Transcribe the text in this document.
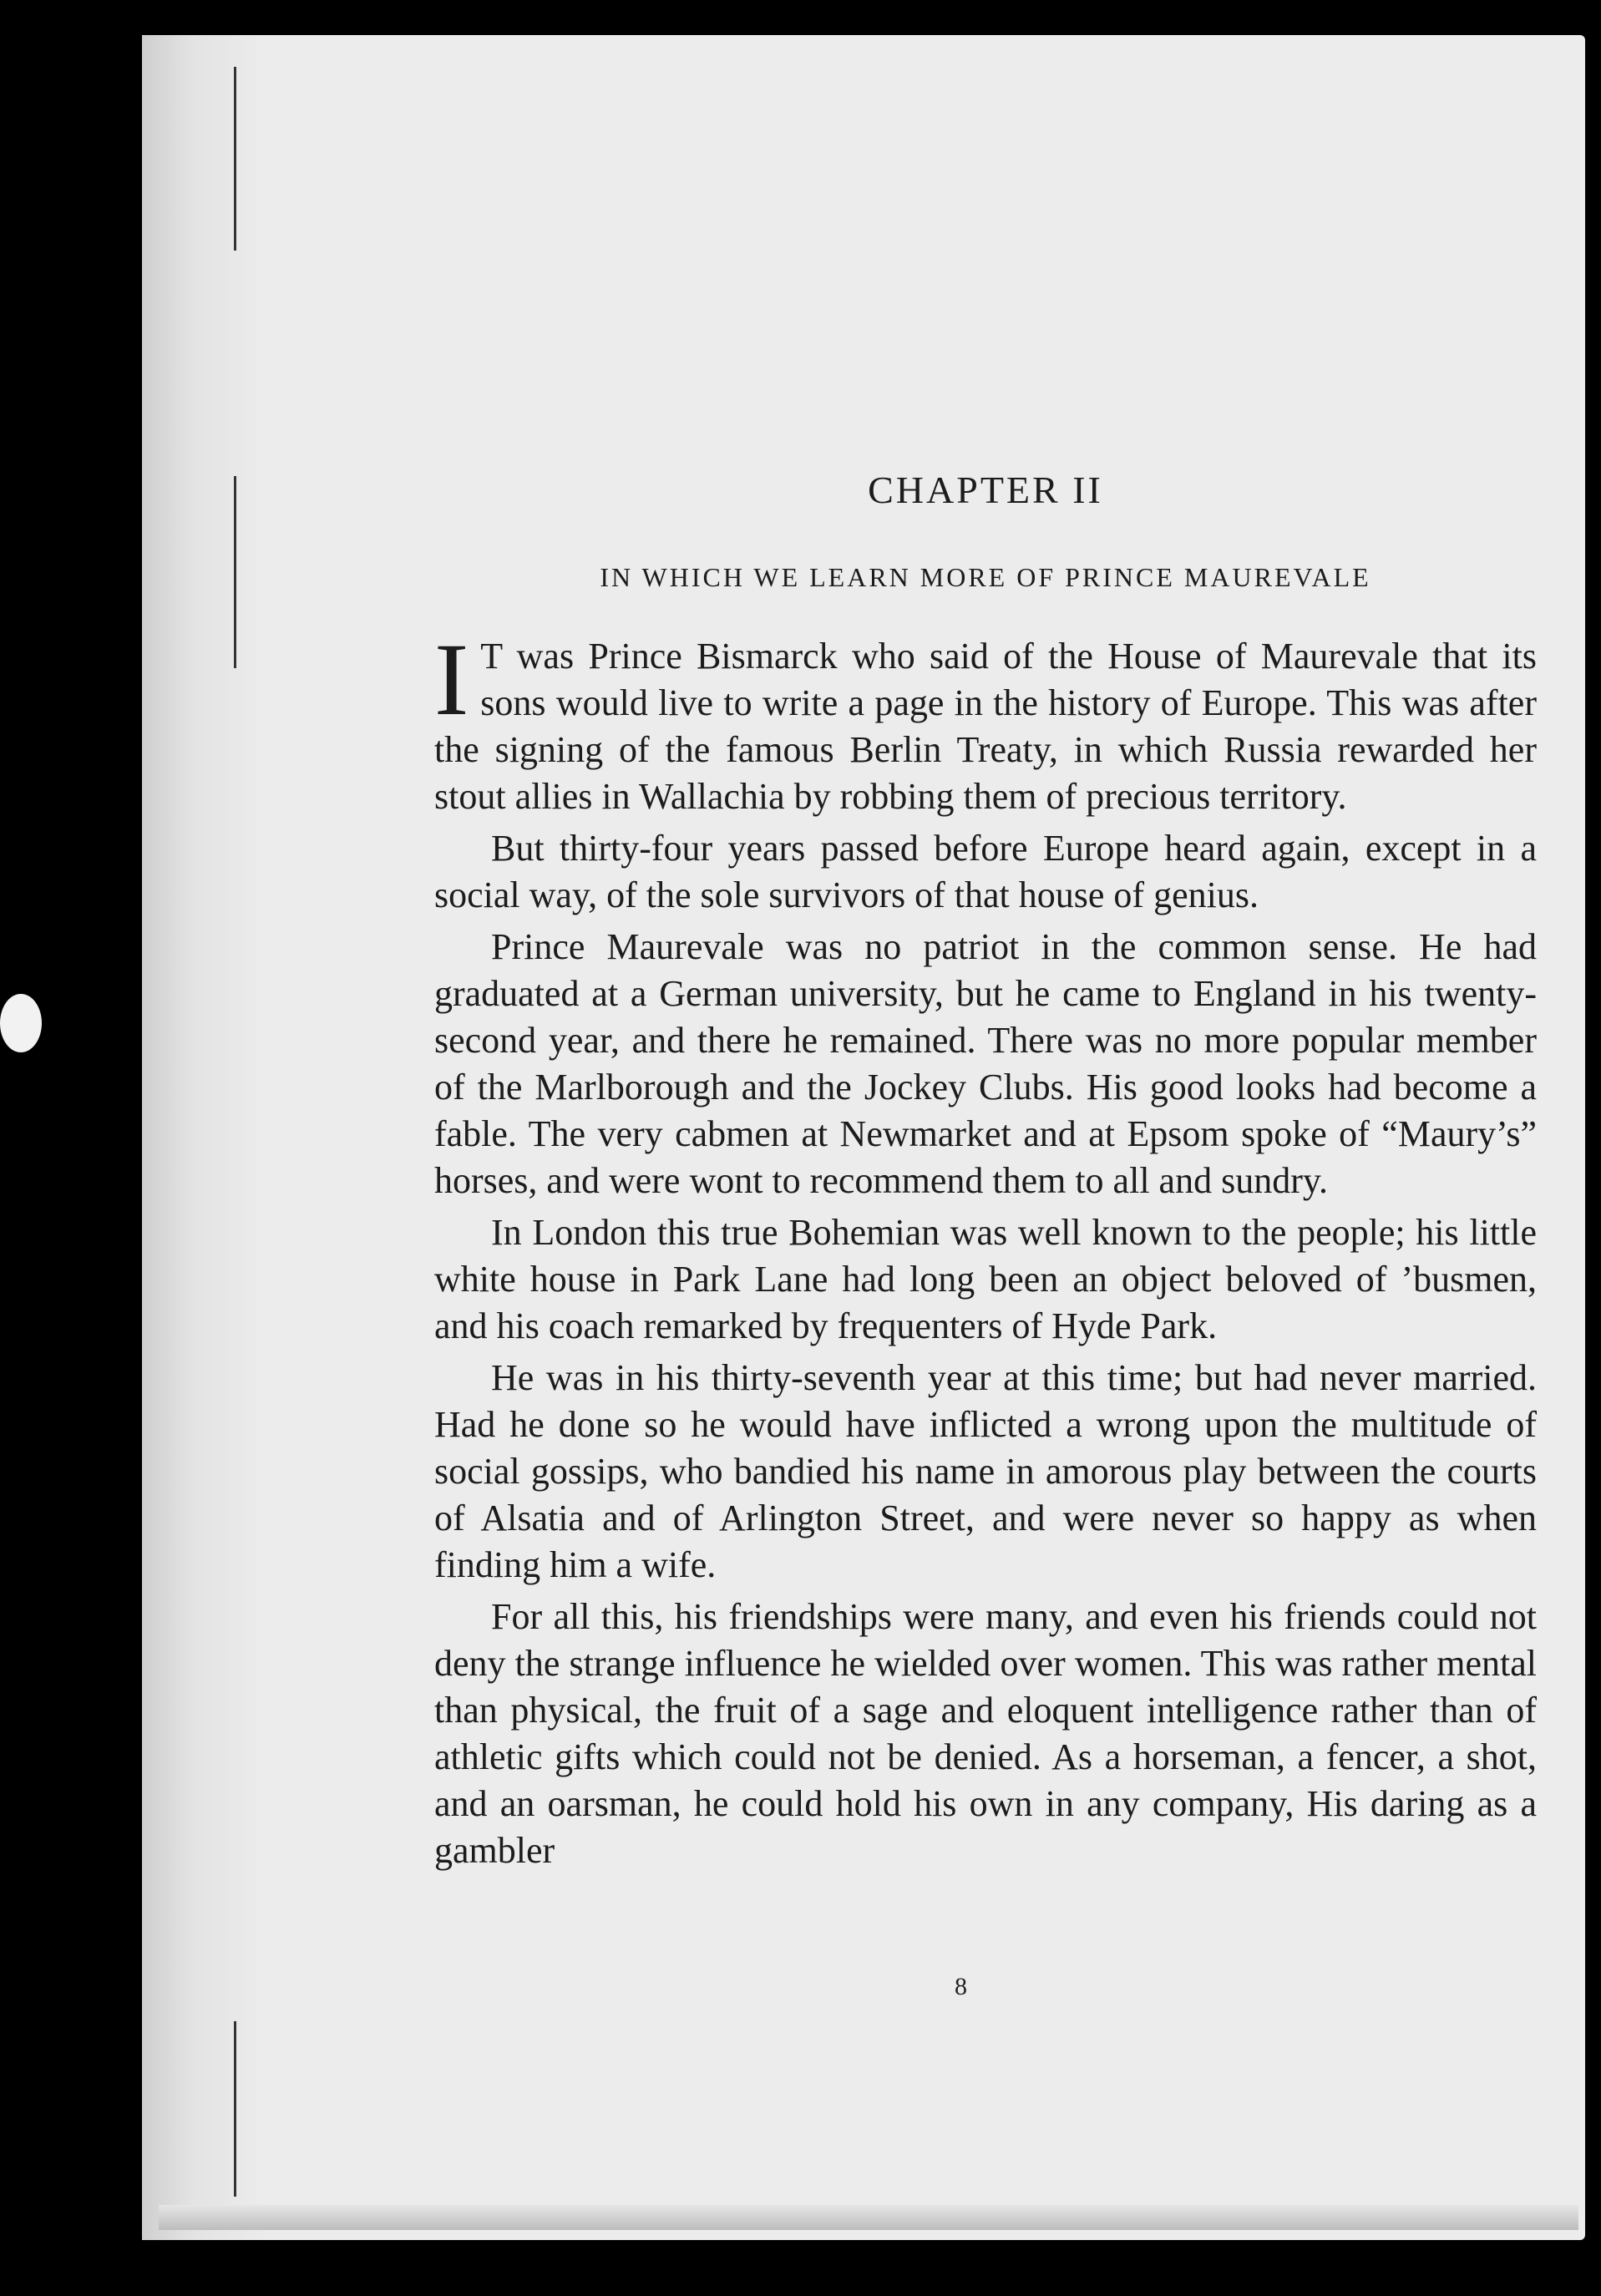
CHAPTER II
IN WHICH WE LEARN MORE OF PRINCE MAUREVALE

I T was Prince Bismarck who said of the House of Maurevale that its sons would live to write a page in the history of Europe. This was after the signing of the famous Berlin Treaty, in which Russia rewarded her stout allies in Wallachia by robbing them of precious territory.

But thirty-four years passed before Europe heard again, except in a social way, of the sole survivors of that house of genius.

Prince Maurevale was no patriot in the common sense. He had graduated at a German university, but he came to England in his twenty-second year, and there he remained. There was no more popular member of the Marlborough and the Jockey Clubs. His good looks had become a fable. The very cabmen at Newmarket and at Epsom spoke of “Maury’s” horses, and were wont to recommend them to all and sundry.

In London this true Bohemian was well known to the people; his little white house in Park Lane had long been an object beloved of ’busmen, and his coach remarked by frequenters of Hyde Park.

He was in his thirty-seventh year at this time; but had never married. Had he done so he would have inflicted a wrong upon the multitude of social gossips, who bandied his name in amorous play between the courts of Alsatia and of Arlington Street, and were never so happy as when finding him a wife.

For all this, his friendships were many, and even his friends could not deny the strange influence he wielded over women. This was rather mental than physical, the fruit of a sage and eloquent intelligence rather than of athletic gifts which could not be denied. As a horseman, a fencer, a shot, and an oarsman, he could hold his own in any company, His daring as a gambler

8
